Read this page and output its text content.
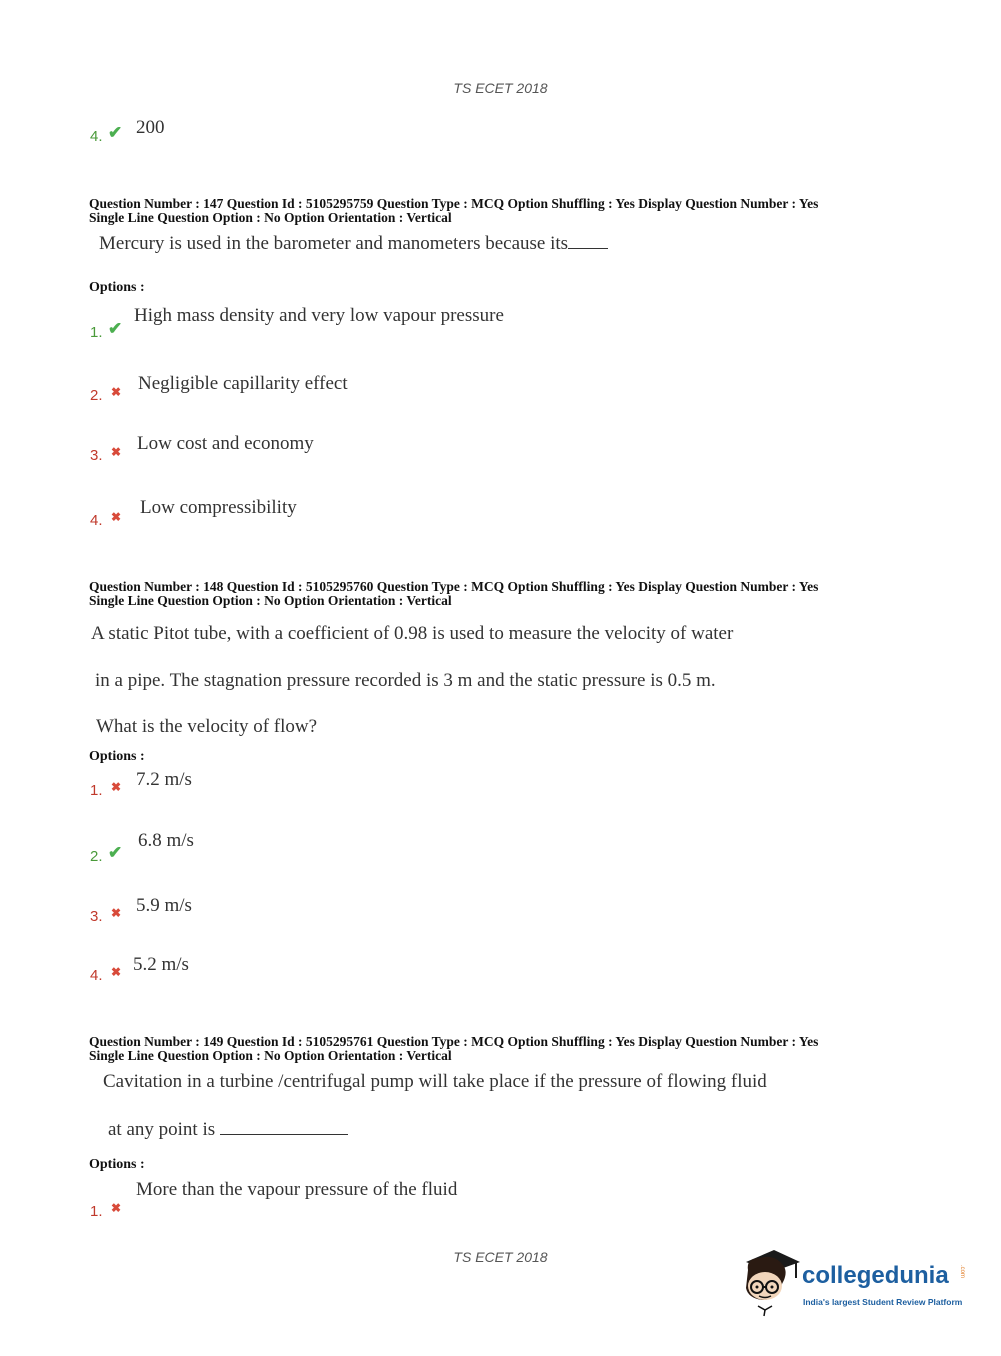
TS ECET 2018
4. ✔ 200
Question Number : 147 Question Id : 5105295759 Question Type : MCQ Option Shuffling : Yes Display Question Number : Yes
Single Line Question Option : No Option Orientation : Vertical
Mercury is used in the barometer and manometers because its
Options :
1. ✔
High mass density and very low vapour pressure
2. ✖ Negligible capillarity effect
3. ✖ Low cost and economy
4. ✖ Low compressibility
Question Number : 148 Question Id : 5105295760 Question Type : MCQ Option Shuffling : Yes Display Question Number : Yes
Single Line Question Option : No Option Orientation : Vertical
A static Pitot tube, with a coefficient of 0.98 is used to measure the velocity of water
in a pipe. The stagnation pressure recorded is 3 m and the static pressure is 0.5 m.
What is the velocity of flow?
Options :
1. ✖ 7.2 m/s
2. ✔
6.8 m/s
3. ✖ 5.9 m/s
4. ✖ 5.2 m/s
Question Number : 149 Question Id : 5105295761 Question Type : MCQ Option Shuffling : Yes Display Question Number : Yes
Single Line Question Option : No Option Orientation : Vertical
Cavitation in a turbine /centrifugal pump will take place if the pressure of flowing fluid
at any point is
Options :
1. ✖
More than the vapour pressure of the fluid
TS ECET 2018
collegedunia .com
India's largest Student Review Platform
